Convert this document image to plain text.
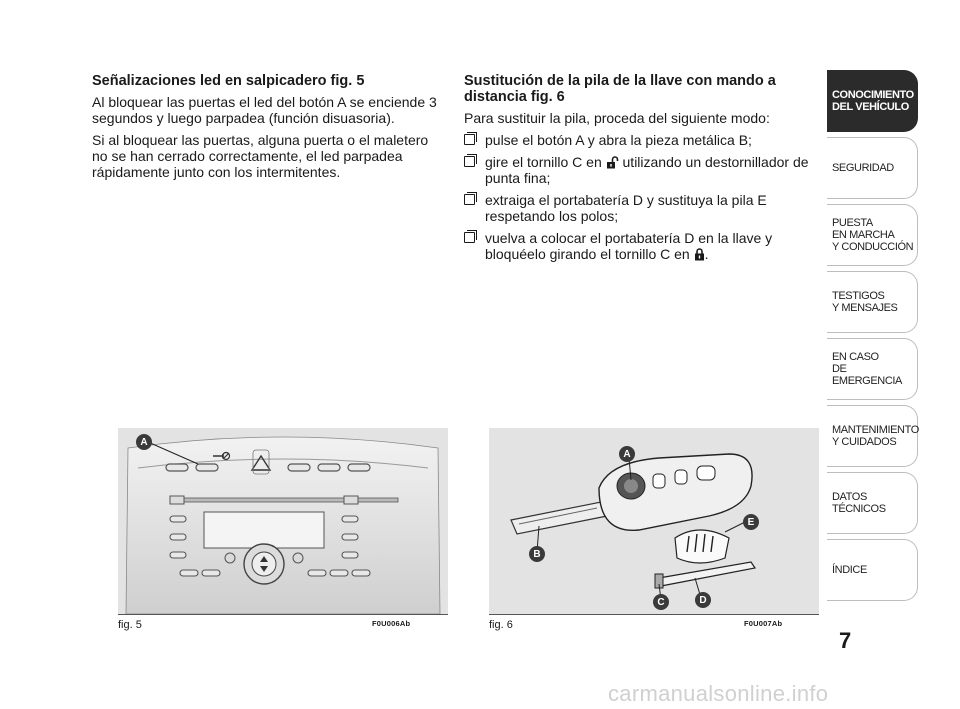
Señalizaciones led en salpicadero fig. 5

Al bloquear las puertas el led del botón A se enciende 3 segundos y luego parpadea (función disuasoria).

Si al bloquear las puertas, alguna puerta o el maletero no se han cerrado correctamente, el led parpadea rápidamente junto con los intermitentes.

Sustitución de la pila de la llave con mando a distancia fig. 6

Para sustituir la pila, proceda del siguiente modo:

pulse el botón A y abra la pieza metálica B;
gire el tornillo C en utilizando un destornillador de punta fina;
extraiga el portabatería D y sustituya la pila E respetando los polos;
vuelva a colocar el portabatería D en la llave y bloquéelo girando el tornillo C en .
A
fig. 5	F0U006Ab
A
E
B
C	D
fig. 6	F0U007Ab
CONOCIMIENTO
DEL VEHÍCULO
SEGURIDAD
PUESTA
EN MARCHA
Y CONDUCCIÓN
TESTIGOS
Y MENSAJES
EN CASO
DE EMERGENCIA
MANTENIMIENTO
Y CUIDADOS
DATOS TÉCNICOS
ÍNDICE
7
carmanualsonline.info
